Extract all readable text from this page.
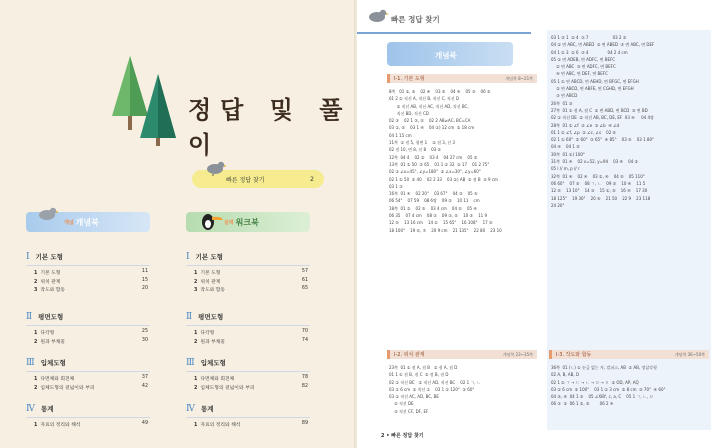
정답 및 풀이
빠른 정답 찾기	2
개념 개념북	실력 워크북
Ⅰ 기본 도형
1 기본 도형	11
2 위치 관계	15
3 작도와 합동	20
Ⅱ 평면도형
1 다각형	25
2 원과 부채꼴	30
Ⅲ 입체도형
1 다면체와 회전체	37
2 입체도형의 겉넓이와 부피	42
Ⅳ 통계
1 자료의 정리와 해석	49
Ⅰ 기본 도형
1 기본 도형	57
2 위치 관계	61
3 작도와 합동	65
Ⅱ 평면도형
1 다각형	70
2 원과 부채꼴	74
Ⅲ 입체도형
1 다면체와 회전체	78
2 입체도형의 겉넓이와 부피	82
Ⅳ 통계
1 자료의 정리와 해석	89
빠른 정답 찾기
개념북
Ⅰ-1. 기본 도형	개념북 8~21쪽
8쪽   01 ①, ⑤    02 ④    03 ⑤    04 ④    05 ③    06 ⑤
01 2 ① 직선 A, 직선 B, 직선 C, 직선 D
② 직선 AB, 직선 AC, 직선 AD, 직선 BC,
직선 BD, 직선 CD
02 ③    02 1 ③, ⑤    02 2 AB≠AC, BC=CA
03 ①, ⑤    03 1 ④    04 ①) 12 cm  ② 18 cm
04 1 15 cm
11쪽  ① 점 5, 평면 1    ② 점 3, 선 3
02 점 10, 면 8, 선 8    03 ⑤
12쪽  04 4    02 ②    03 4    04 27 cm    05 ⑤
13쪽  01 ① 50  ② 65    01 1 ① 32  ② 17    01 2 75°
02 ① ∠x=45°, ∠y=180°  ② ∠x=30°, ∠y=60°
02 1 ① 50  ② 40    02 2 33    03 ①) AB  ② 점 B  ③ 9 cm
03 1 ③
16쪽  01 ④    02 20°    03 67°    04 ③    05 ⑤
06 54°    07 59    08 6쌍    09 ③    10 11    cm
18쪽  01 ②    02 ⑤    03 4 cm    04 ⑤    05 ④
06 35    07 4 cm    08 ③    09 ③, ⑤    10 ③    11 9
12 ⑤    13 16 cm    14 ①    15 65°    16 108°    17 ⑤
18 100°    19 ⑤, ⑦    20 9 cm    21 135°    22 80    23 10
Ⅰ-2. 위치 관계	개념북 23~35쪽
23쪽  01 ① 점 A, 점 B   ② 점 A, 점 D
01 1 ① 점 B, 점 C  ② 점 B, 점 D
02 ① 직선 BC   ② 직선 AD, 직선 BC    02 1 ㄱ, ㄴ
03 ① 6 cm  ② 직선 ①    03 1 ① 120°  ② 60°
03 ① 직선 AC, AD, BC, BE
② 직선 DE
③ 직선 CF, DF, EF
03 1 ③ 1  ② 4  ③ 7                   03 2 ③
04 ① 면 ABC, 면 ABED  ② 면 ABED  ③ 면 ABC, 면 DEF
04 1 ① 3  ② 6  ③ 4               04 2 4 cm
05 ① 면 ADEB, 면 ADFC, 면 BEFC
② 면 ABC  ③ 면 ADFC, 면 BEFC
④ 면 ABC, 면 DEF, 면 BEFC
05 1 ① 면 ABCD, 면 AEHD, 면 BFGC, 면 EFGH
② 면 ABCD, 면 ABFE, 면 CGHD, 면 EFGH
③ 면 ABCD
26쪽  01 ③
27쪽  01 ① 점 A, 점 C  ② 면 ABD, 면 BCD  ③ 면 BD
02 ① 직선 DE  ② 직선 AB, BC, DE, EF  03 ④     04 4쌍
28쪽  01 ① ∠f  ② ∠e  ③ ∠b  ④ ∠d
01 1 ① ∠f, ∠p  ② ∠c, ∠s    02 ⑤
02 1 ① 60°  ② 60°  ③ 65°  ④ 85°    03 ⑤    03 1 80°
04 ④    04 1 ⑤
30쪽  01 ①) 100°
31쪽  01 ④    02 x=52, y=94    03 ④    04 ②
05 l // m, p // r
32쪽  01 ④    02 ④    03 ①, ④    04 ⑤    05 110°
06 60°    07 ⑤    08 ㄱ, ㄴ    09 ③    10 ④    11 5
12 ⑤    13 10°    14 ③    15 ①, ⑤    16 ④    17 30
18 125°    19 30°    20 ⑤    21 50    22 9    23 118
24 20°
Ⅰ-3. 작도와 합동	개념북 36~50쪽
36쪽  01 (ㄴ) ① 눈금 없는 자, 컴퍼스, AB  ② AB, 정삼각형
02 A, B, AB, D
02 1 ① ㄱ → ㄷ → ㄴ → ㅁ → ㄹ  ② OD, AP, AQ
03 ① 6 cm  ② 100°    03 1 ① 3 cm  ② 8 cm  ③ 70°  ④ 60°
04 ③, ④  04 1 ③    05 ∠XBY, c, a, C    05 1 ㄱ, ㄴ, ㅁ
06 ③  ②  06 1 ①, ⑤        06 2 ④
2 • 빠른 정답 찾기
